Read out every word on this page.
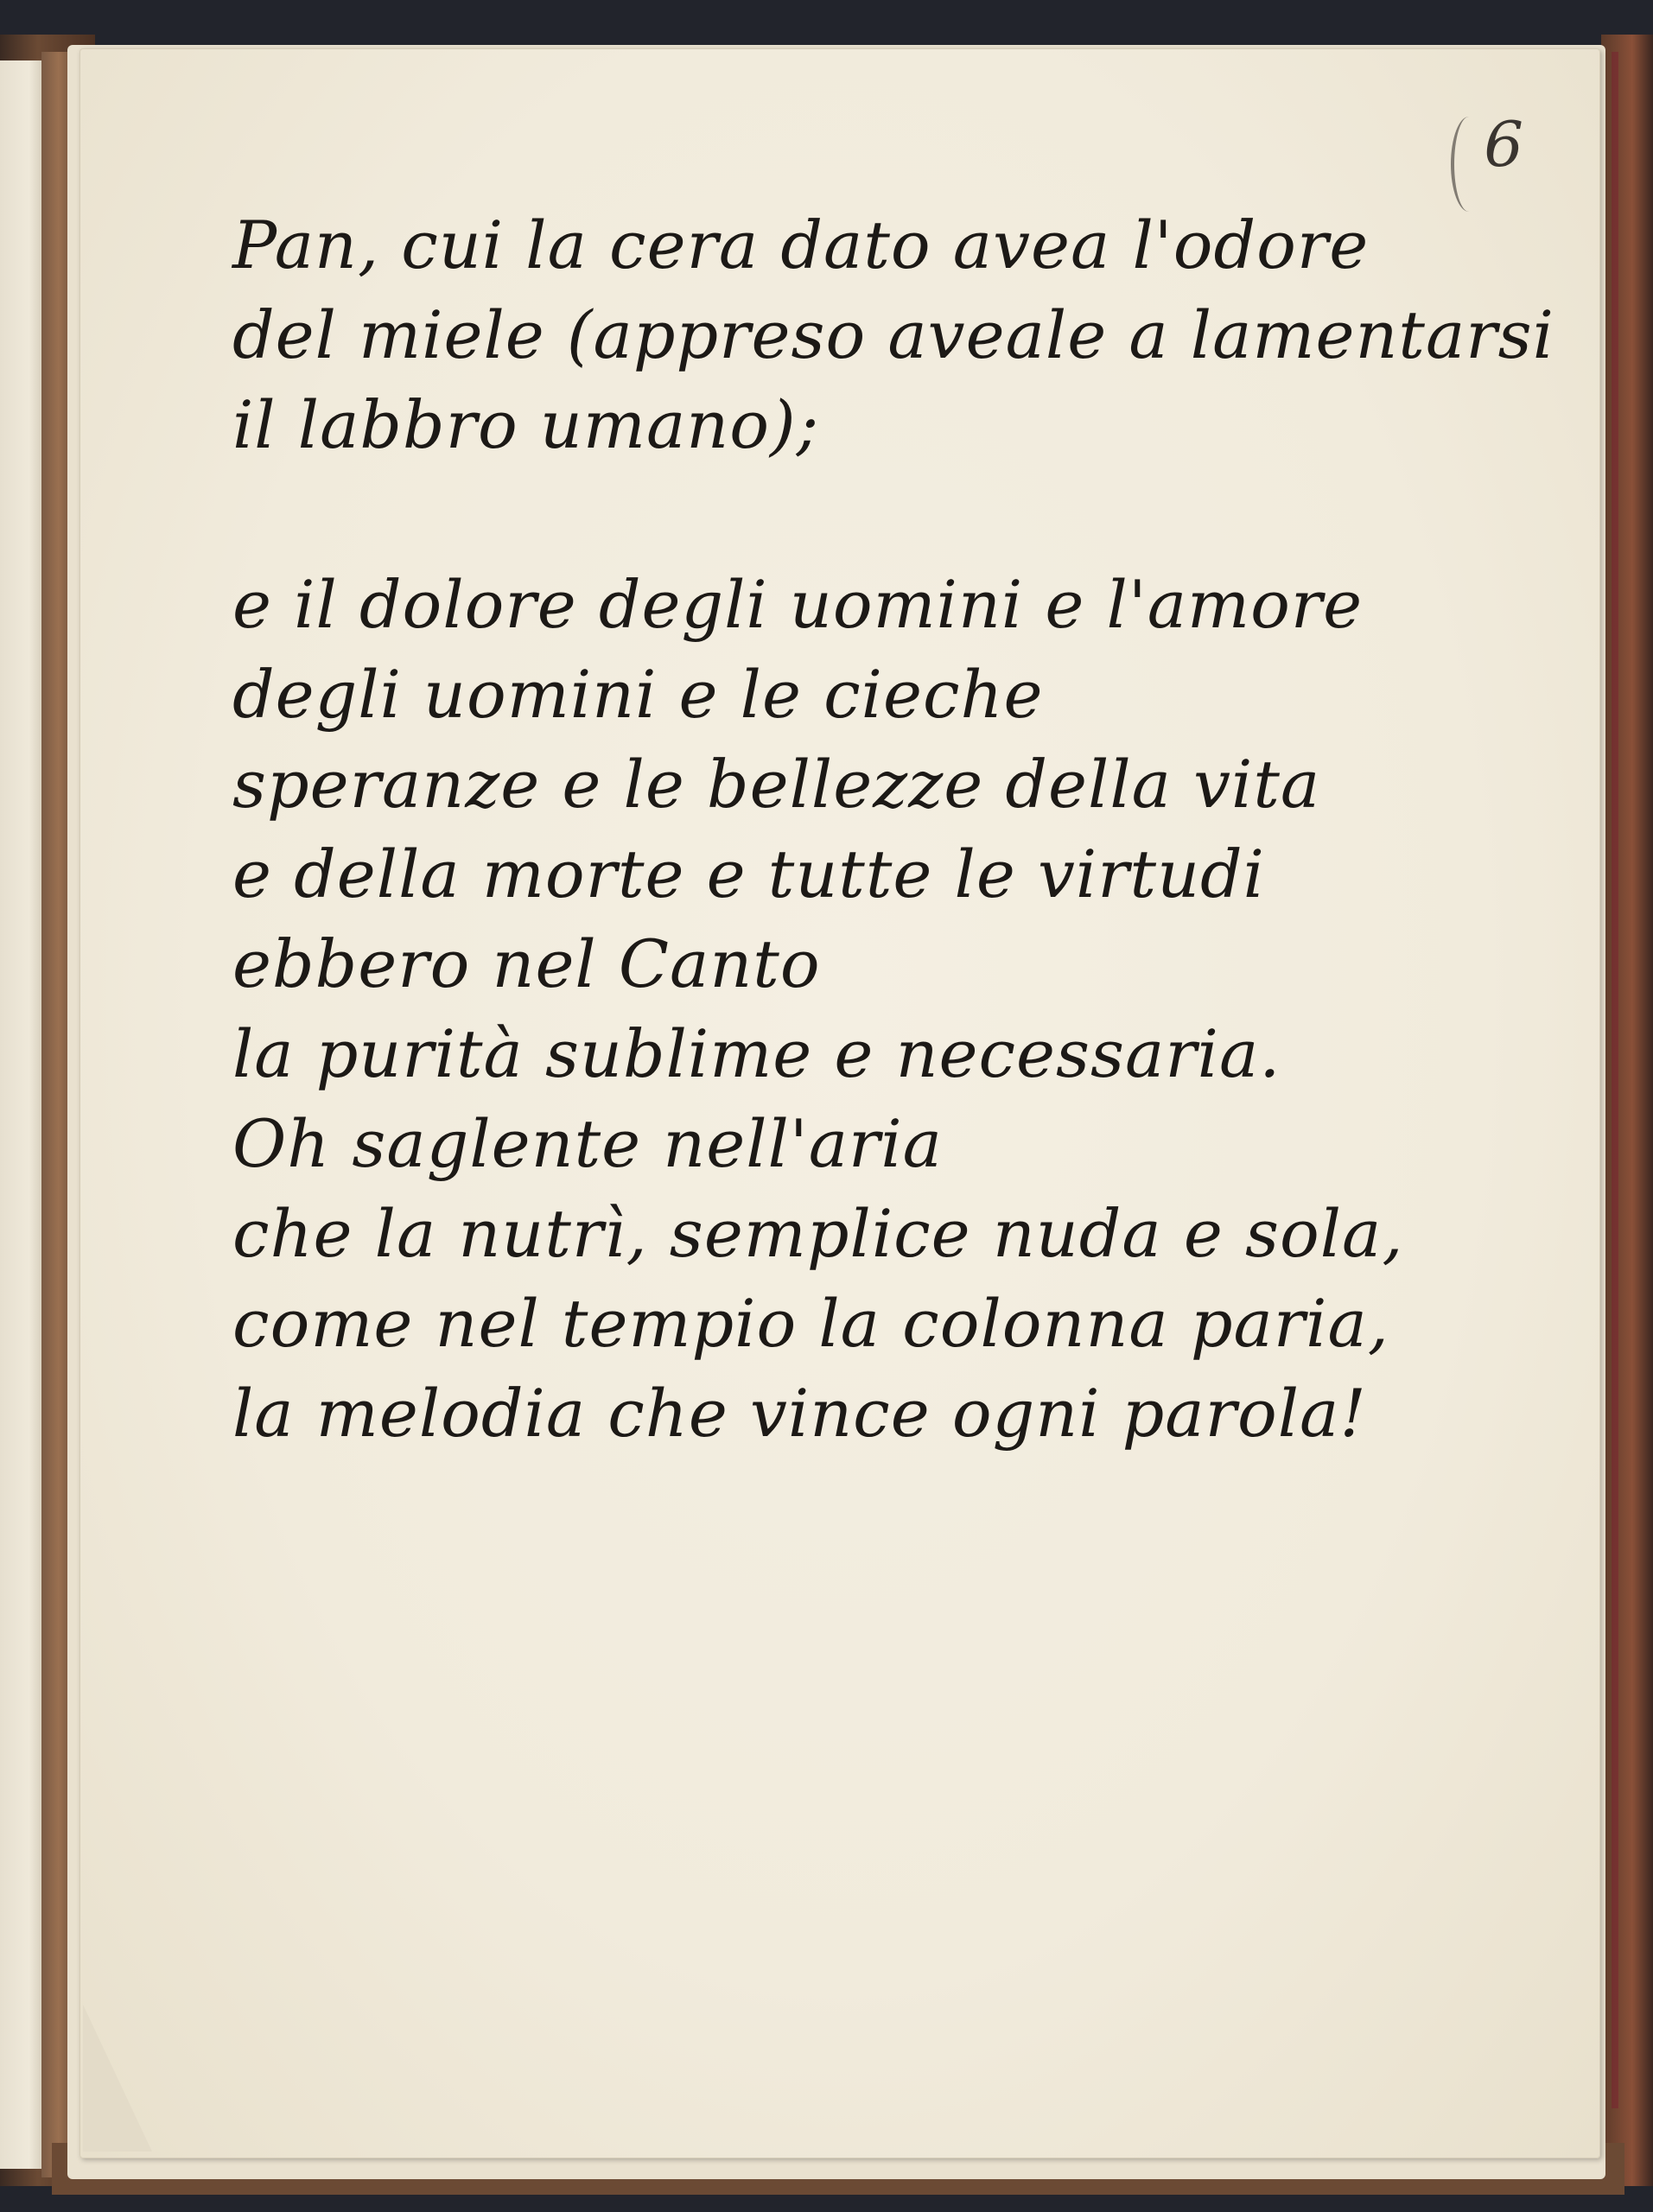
6
Pan, cui la cera dato avea l'odore
del miele (appreso aveale a lamentarsi
il labbro umano);
e il dolore degli uomini e l'amore
degli uomini e le cieche
speranze e le bellezze della vita
e della morte e tutte le virtudi
ebbero nel Canto
la purità sublime e necessaria.
Oh saglente nell'aria
che la nutrì, semplice nuda e sola,
come nel tempio la colonna paria,
la melodia che vince ogni parola!
